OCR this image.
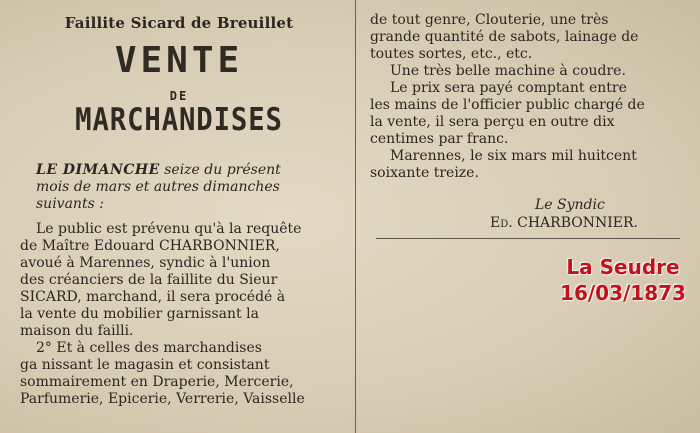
Faillite Sicard de Breuillet
VENTE
DE
MARCHANDISES
LE DIMANCHE seize du présent
mois de mars et autres dimanches
suivants :
Le public est prévenu qu'à la requête
de Maître Edouard CHARBONNIER,
avoué à Marennes, syndic à l'union
des créanciers de la faillite du Sieur
SICARD, marchand, il sera procédé à
la vente du mobilier garnissant la
maison du failli.
2° Et à celles des marchandises
ga nissant le magasin et consistant
sommairement en Draperie, Mercerie,
Parfumerie, Epicerie, Verrerie, Vaisselle
de tout genre, Clouterie, une très
grande quantité de sabots, lainage de
toutes sortes, etc., etc.
Une très belle machine à coudre.
Le prix sera payé comptant entre
les mains de l'officier public chargé de
la vente, il sera perçu en outre dix
centimes par franc.
Marennes, le six mars mil huitcent
soixante treize.
Le Syndic
Ed. CHARBONNIER.
La Seudre
16/03/1873
